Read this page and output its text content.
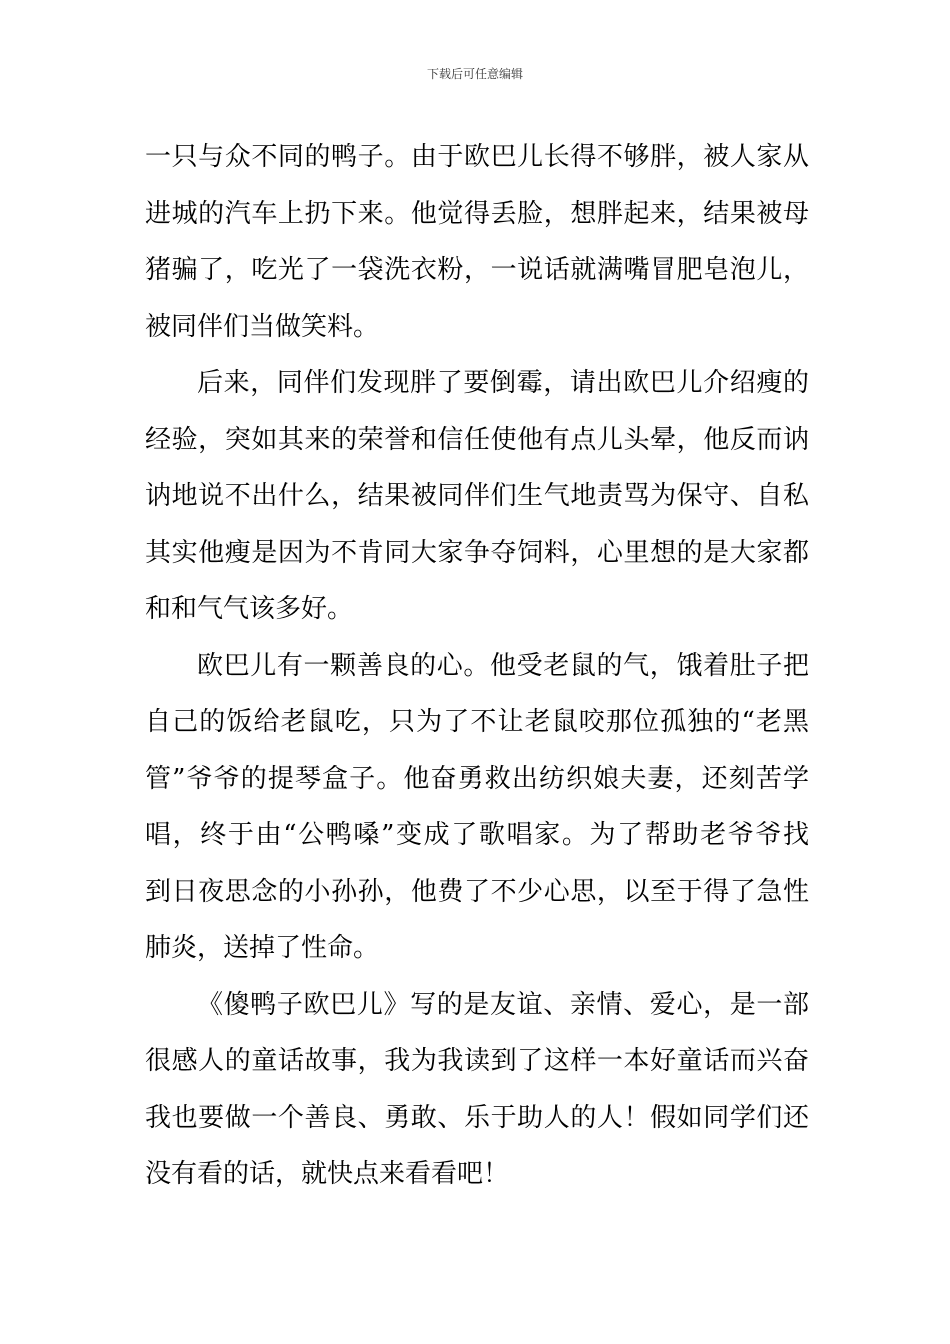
下载后可任意编辑
一只与众不同的鸭子。由于欧巴儿长得不够胖，被人家从
进城的汽车上扔下来。他觉得丢脸，想胖起来，结果被母
猪骗了，吃光了一袋洗衣粉，一说话就满嘴冒肥皂泡儿，
被同伴们当做笑料。
后来，同伴们发现胖了要倒霉，请出欧巴儿介绍瘦的
经验，突如其来的荣誉和信任使他有点儿头晕，他反而讷
讷地说不出什么，结果被同伴们生气地责骂为保守、自私
其实他瘦是因为不肯同大家争夺饲料，心里想的是大家都
和和气气该多好。
欧巴儿有一颗善良的心。他受老鼠的气，饿着肚子把
自己的饭给老鼠吃，只为了不让老鼠咬那位孤独的“老黑
管”爷爷的提琴盒子。他奋勇救出纺织娘夫妻，还刻苦学
唱，终于由“公鸭嗓”变成了歌唱家。为了帮助老爷爷找
到日夜思念的小孙孙，他费了不少心思，以至于得了急性
肺炎，送掉了性命。
《傻鸭子欧巴儿》写的是友谊、亲情、爱心，是一部
很感人的童话故事，我为我读到了这样一本好童话而兴奋
我也要做一个善良、勇敢、乐于助人的人！假如同学们还
没有看的话，就快点来看看吧！
